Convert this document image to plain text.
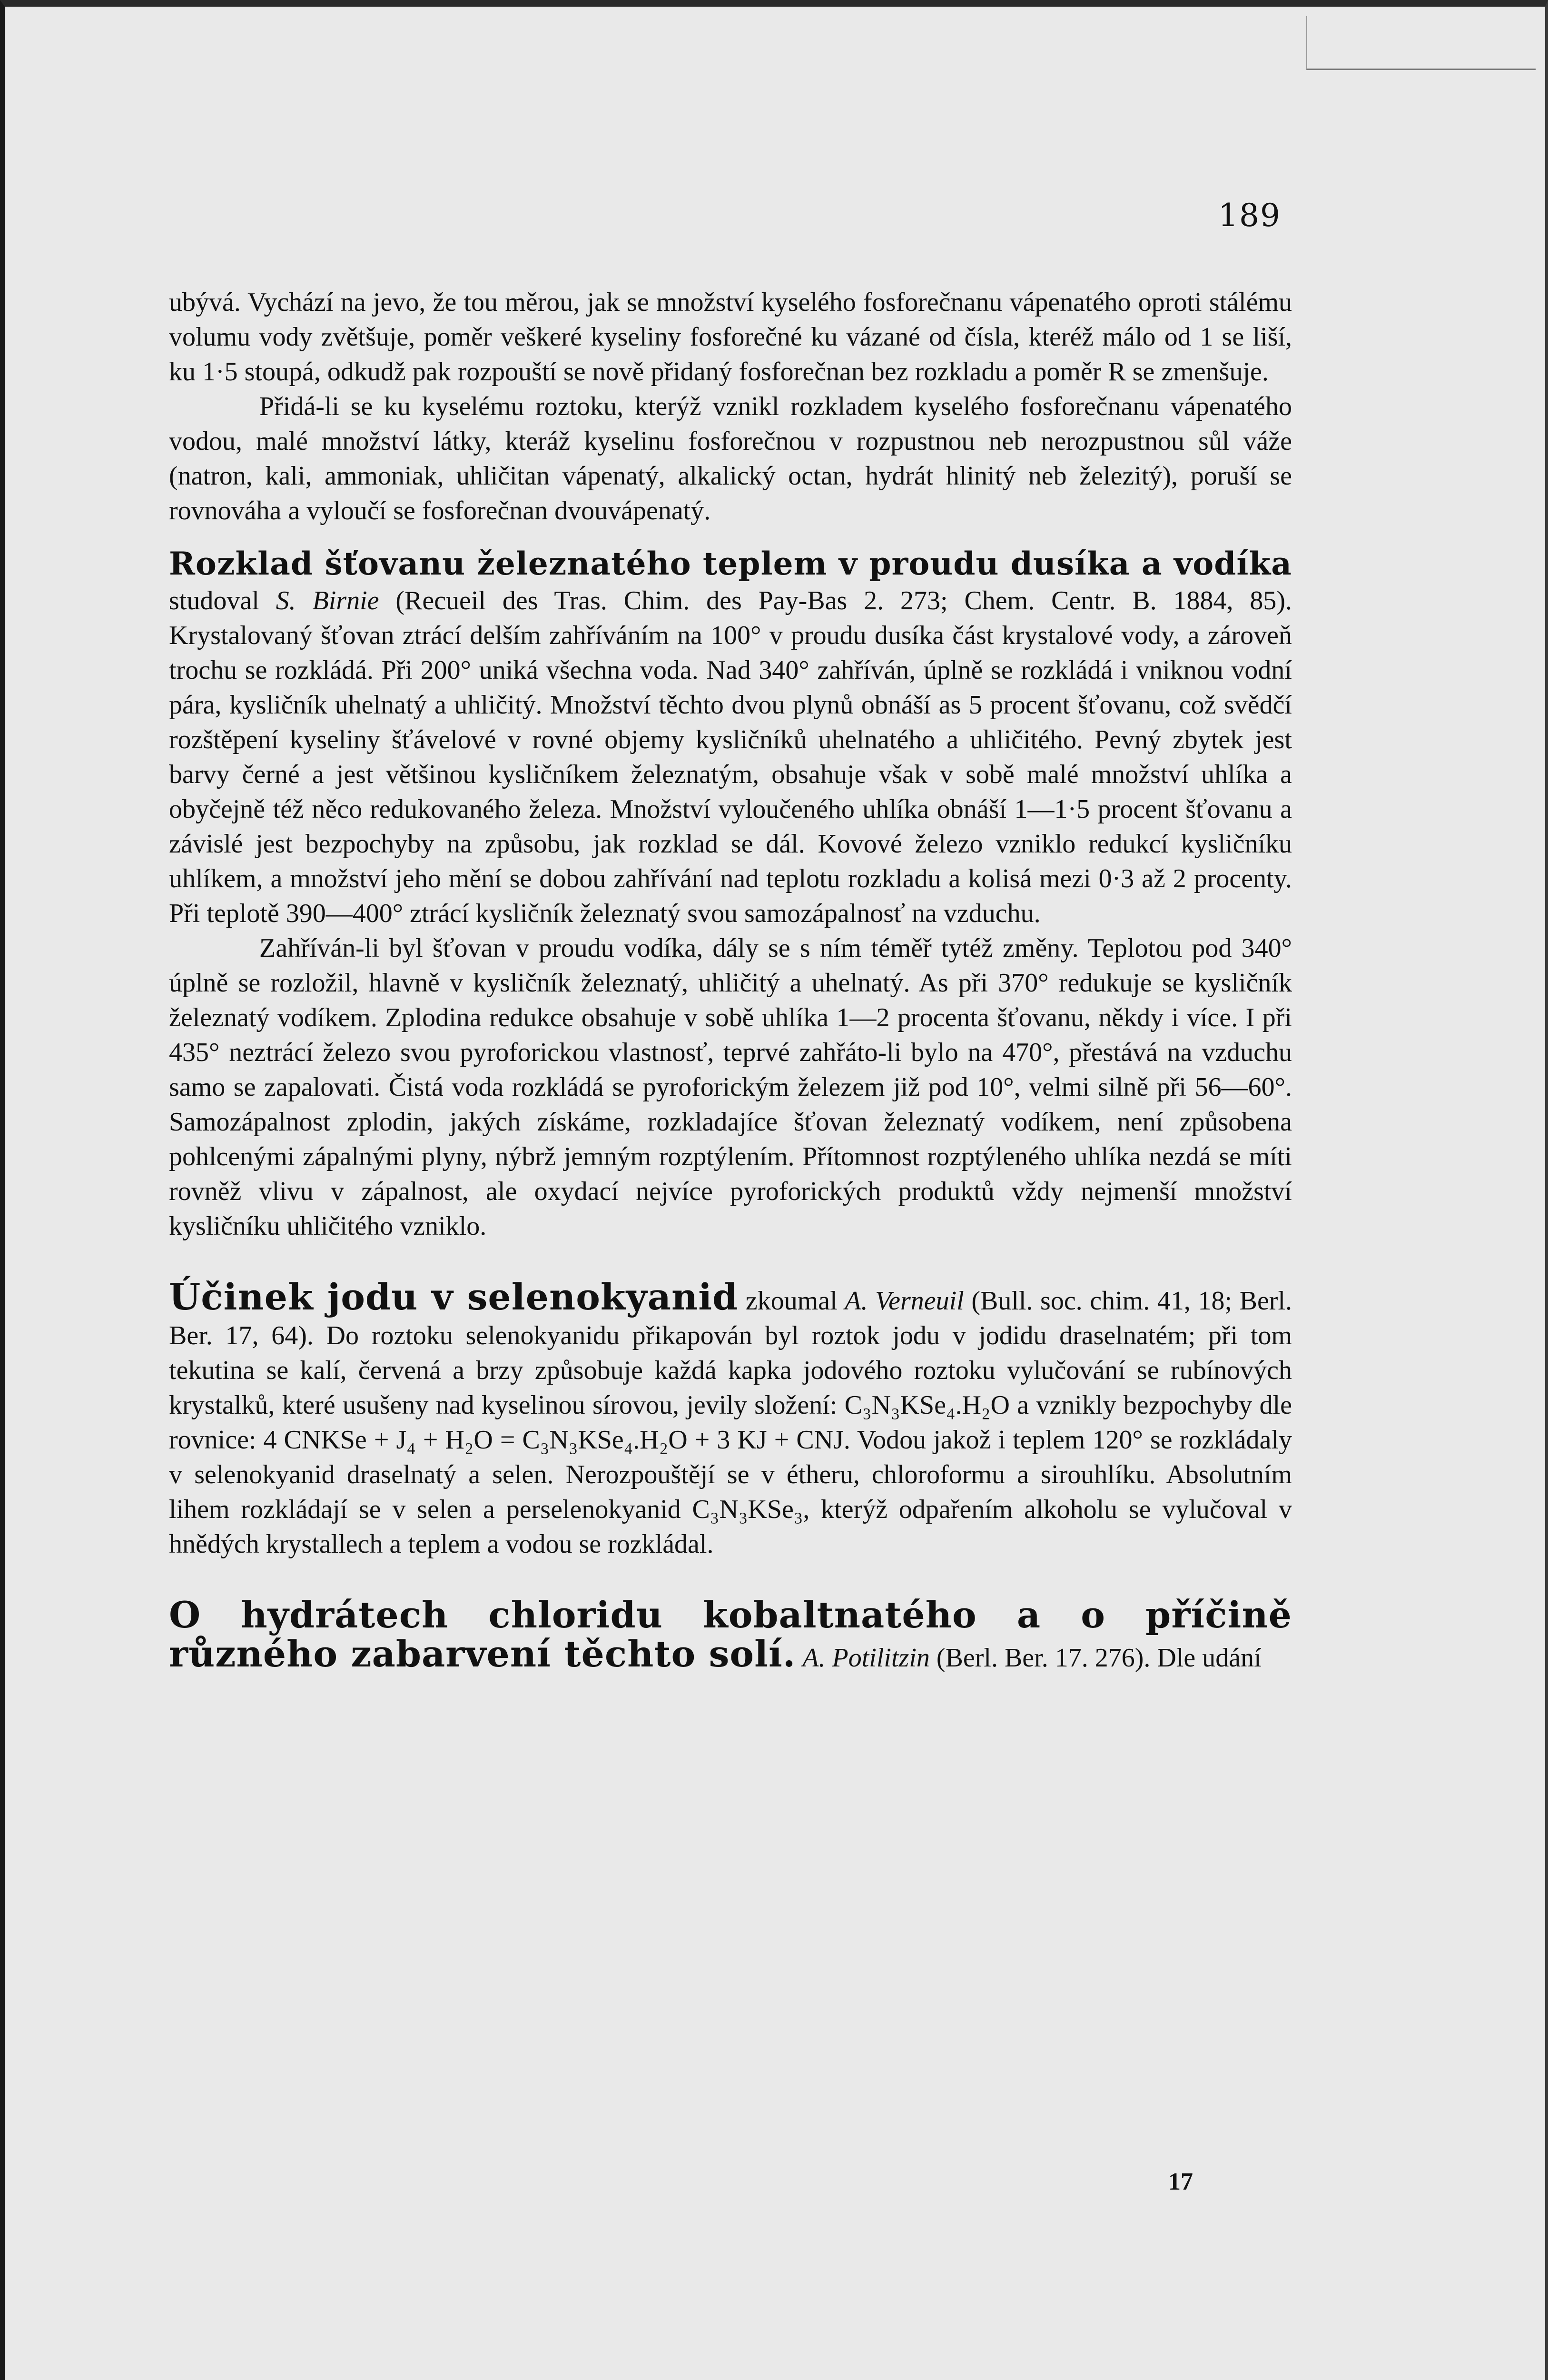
189

ubývá. Vychází na jevo, že tou měrou, jak se množství kyselého fosforečnanu vápenatého oproti stálému volumu vody zvětšuje, poměr veškeré kyseliny fosforečné ku vázané od čísla, kteréž málo od 1 se liší, ku 1·5 stoupá, odkudž pak rozpouští se nově přidaný fosforečnan bez rozkladu a poměr R se zmenšuje.

Přidá-li se ku kyselému roztoku, kterýž vznikl rozkladem kyselého fosforečnanu vápenatého vodou, malé množství látky, kteráž kyselinu fosforečnou v rozpustnou neb nerozpustnou sůl váže (natron, kali, ammoniak, uhličitan vápenatý, alkalický octan, hydrát hlinitý neb železitý), poruší se rovnováha a vyloučí se fosforečnan dvouvápenatý.

Rozklad šťovanu železnatého teplem v proudu dusíka a vodíka studoval S. Birnie (Recueil des Tras. Chim. des Pay-Bas 2. 273; Chem. Centr. B. 1884, 85). Krystalovaný šťovan ztrácí delším zahříváním na 100° v proudu dusíka část krystalové vody, a zároveň trochu se rozkládá. Při 200° uniká všechna voda. Nad 340° zahříván, úplně se rozkládá i vniknou vodní pára, kysličník uhelnatý a uhličitý. Množství těchto dvou plynů obnáší as 5 procent šťovanu, což svědčí rozštěpení kyseliny šťávelové v rovné objemy kysličníků uhelnatého a uhličitého. Pevný zbytek jest barvy černé a jest většinou kysličníkem železnatým, obsahuje však v sobě malé množství uhlíka a obyčejně též něco redukovaného železa. Množství vyloučeného uhlíka obnáší 1—1·5 procent šťovanu a závislé jest bezpochyby na způsobu, jak rozklad se dál. Kovové železo vzniklo redukcí kysličníku uhlíkem, a množství jeho mění se dobou zahřívání nad teplotu rozkladu a kolisá mezi 0·3 až 2 procenty. Při teplotě 390—400° ztrácí kysličník železnatý svou samozápalnosť na vzduchu.

Zahříván-li byl šťovan v proudu vodíka, dály se s ním téměř tytéž změny. Teplotou pod 340° úplně se rozložil, hlavně v kysličník železnatý, uhličitý a uhelnatý. As při 370° redukuje se kysličník železnatý vodíkem. Zplodina redukce obsahuje v sobě uhlíka 1—2 procenta šťovanu, někdy i více. I při 435° neztrácí železo svou pyroforickou vlastnosť, teprvé zahřáto-li bylo na 470°, přestává na vzduchu samo se zapalovati. Čistá voda rozkládá se pyroforickým železem již pod 10°, velmi silně při 56—60°. Samozápalnost zplodin, jakých získáme, rozkladajíce šťovan železnatý vodíkem, není způsobena pohlcenými zápalnými plyny, nýbrž jemným rozptýlením. Přítomnost rozptýleného uhlíka nezdá se míti rovněž vlivu v zápalnost, ale oxydací nejvíce pyroforických produktů vždy nejmenší množství kysličníku uhličitého vzniklo.

Účinek jodu v selenokyanid zkoumal A. Verneuil (Bull. soc. chim. 41, 18; Berl. Ber. 17, 64). Do roztoku selenokyanidu přikapován byl roztok jodu v jodidu draselnatém; při tom tekutina se kalí, červená a brzy způsobuje každá kapka jodového roztoku vylučování se rubínových krystalků, které usušeny nad kyselinou sírovou, jevily složení: C₃N₃KSe₄.H₂O a vznikly bezpochyby dle rovnice: 4 CNKSe + J₄ + H₂O = C₃N₃KSe₄.H₂O + 3 KJ + CNJ. Vodou jakož i teplem 120° se rozkládaly v selenokyanid draselnatý a selen. Nerozpouštějí se v étheru, chloroformu a sirouhlíku. Absolutním lihem rozkládají se v selen a perselenokyanid C₃N₃KSe₃, kterýž odpařením alkoholu se vylučoval v hnědých krystallech a teplem a vodou se rozkládal.

O hydrátech chloridu kobaltnatého a o příčině různého zabarvení těchto solí. A. Potilitzin (Berl. Ber. 17. 276). Dle udání

17
